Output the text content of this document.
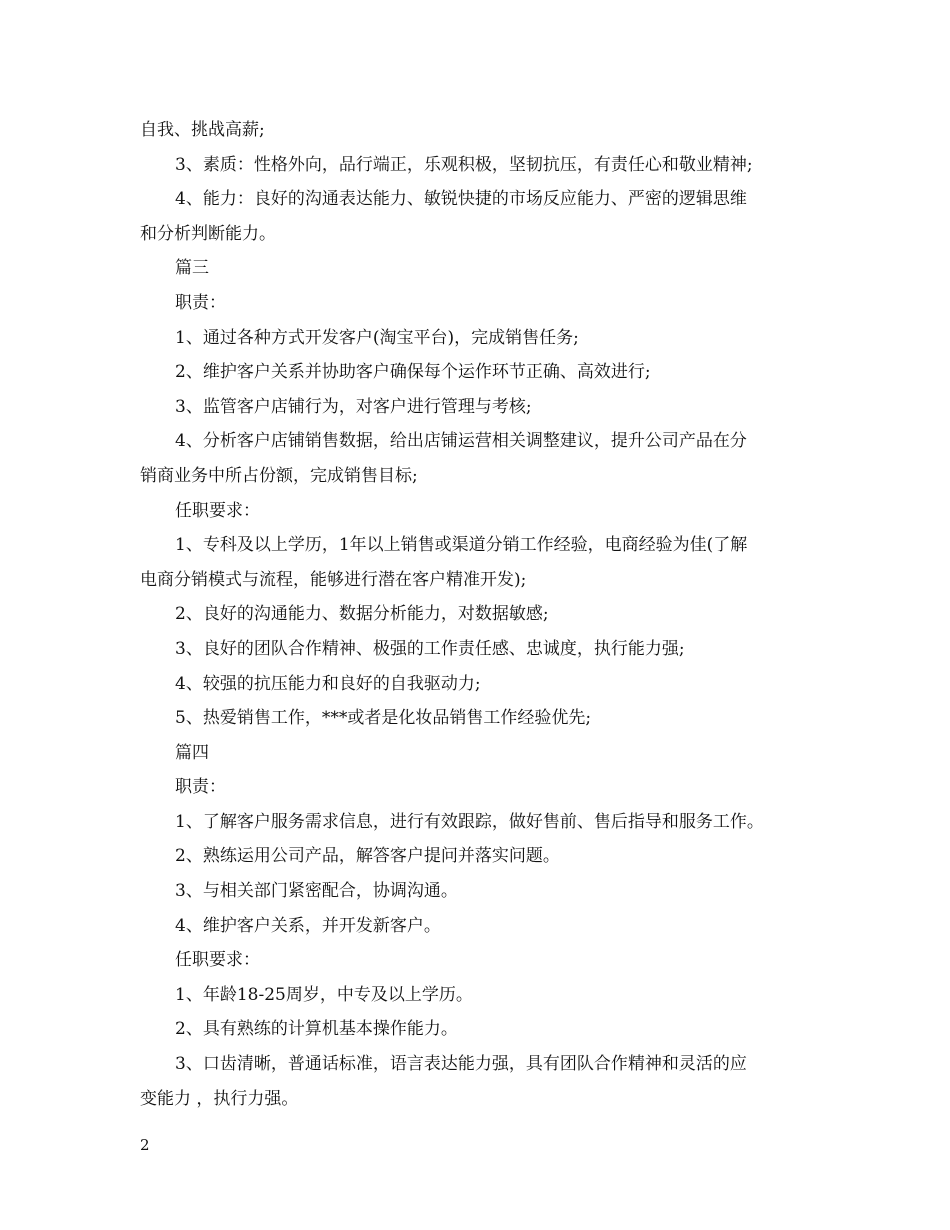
自我、挑战高薪;
3、素质：性格外向，品行端正，乐观积极，坚韧抗压，有责任心和敬业精神;
4、能力：良好的沟通表达能力、敏锐快捷的市场反应能力、严密的逻辑思维
和分析判断能力。
篇三
职责：
1、通过各种方式开发客户(淘宝平台)，完成销售任务;
2、维护客户关系并协助客户确保每个运作环节正确、高效进行;
3、监管客户店铺行为，对客户进行管理与考核;
4、分析客户店铺销售数据，给出店铺运营相关调整建议，提升公司产品在分
销商业务中所占份额，完成销售目标;
任职要求：
1、专科及以上学历，1年以上销售或渠道分销工作经验，电商经验为佳(了解
电商分销模式与流程，能够进行潜在客户精准开发);
2、良好的沟通能力、数据分析能力，对数据敏感;
3、良好的团队合作精神、极强的工作责任感、忠诚度，执行能力强;
4、较强的抗压能力和良好的自我驱动力;
5、热爱销售工作，***或者是化妆品销售工作经验优先;
篇四
职责：
1、了解客户服务需求信息，进行有效跟踪，做好售前、售后指导和服务工作。
2、熟练运用公司产品，解答客户提问并落实问题。
3、与相关部门紧密配合，协调沟通。
4、维护客户关系，并开发新客户。
任职要求：
1、年龄18-25周岁，中专及以上学历。
2、具有熟练的计算机基本操作能力。
3、口齿清晰，普通话标准，语言表达能力强，具有团队合作精神和灵活的应
变能力 ，执行力强。
2
